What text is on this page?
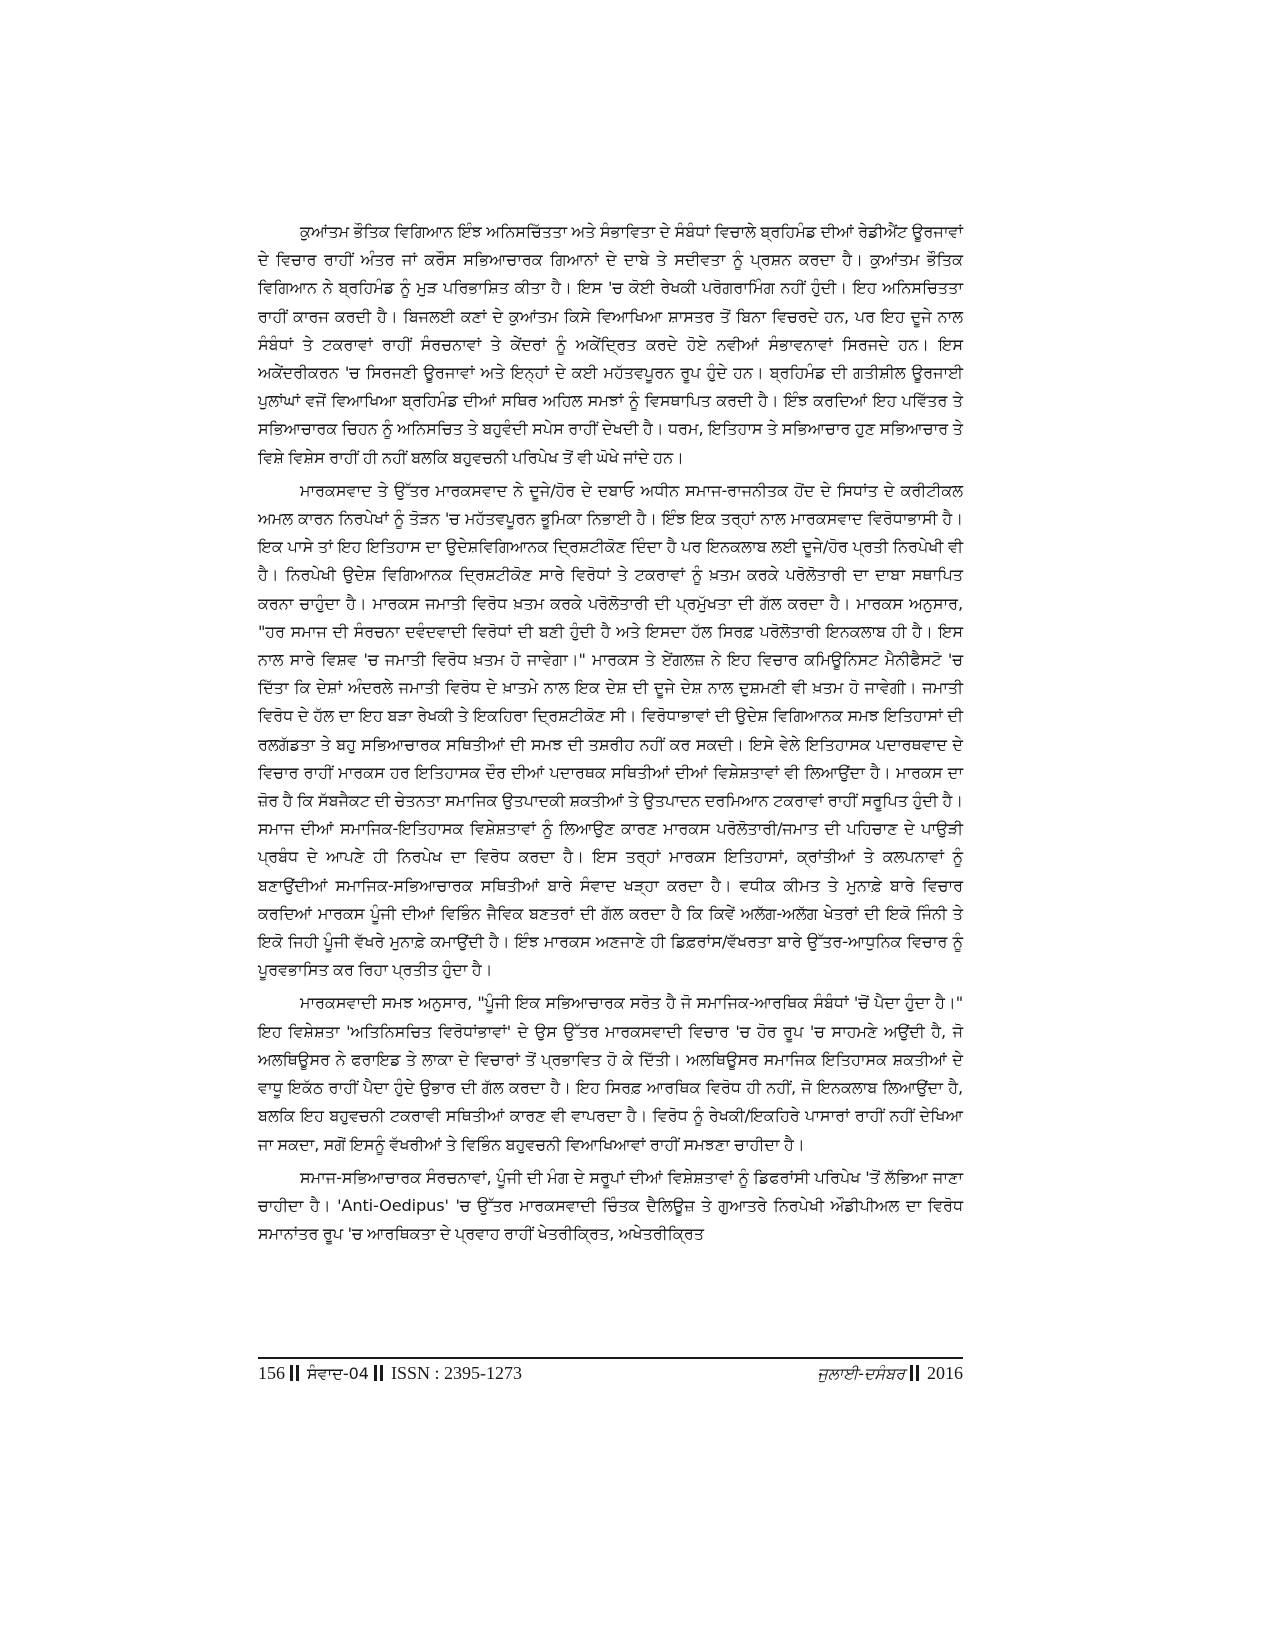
ਕੁਆਂਤਮ ਭੌਤਿਕ ਵਿਗਿਆਨ ਇੰਝ ਅਨਿਸਚਿੱਤਤਾ ਅਤੇ ਸੰਭਾਵਿਤਾ ਦੇ ਸੰਬੰਧਾਂ ਵਿਚਾਲੇ ਬ੍ਰਹਿਮੰਡ ਦੀਆਂ ਰੇਡੀਐਂਟ ਊਰਜਾਵਾਂ ਦੇ ਵਿਚਾਰ ਰਾਹੀਂ ਅੰਤਰ ਜਾਂ ਕਰੌਸ ਸਭਿਆਚਾਰਕ ਗਿਆਨਾਂ ਦੇ ਦਾਬੇ ਤੇ ਸਦੀਵਤਾ ਨੂੰ ਪ੍ਰਸ਼ਨ ਕਰਦਾ ਹੈ। ਕੁਆਂਤਮ ਭੌਤਿਕ ਵਿਗਿਆਨ ਨੇ ਬ੍ਰਹਿਮੰਡ ਨੂੰ ਮੁੜ ਪਰਿਭਾਸ਼ਿਤ ਕੀਤਾ ਹੈ। ਇਸ 'ਚ ਕੋਈ ਰੇਖਕੀ ਪਰੋਗਰਾਮਿੰਗ ਨਹੀਂ ਹੁੰਦੀ। ਇਹ ਅਨਿਸਚਿਤਤਾ ਰਾਹੀਂ ਕਾਰਜ ਕਰਦੀ ਹੈ। ਬਿਜਲਈ ਕਣਾਂ ਦੇ ਕੁਆਂਤਮ ਕਿਸੇ ਵਿਆਖਿਆ ਸ਼ਾਸਤਰ ਤੋਂ ਬਿਨਾ ਵਿਚਰਦੇ ਹਨ, ਪਰ ਇਹ ਦੂਜੇ ਨਾਲ ਸੰਬੰਧਾਂ ਤੇ ਟਕਰਾਵਾਂ ਰਾਹੀਂ ਸੰਰਚਨਾਵਾਂ ਤੇ ਕੇਂਦਰਾਂ ਨੂੰ ਅਕੇਂਦ੍ਰਿਤ ਕਰਦੇ ਹੋਏ ਨਵੀਆਂ ਸੰਭਾਵਨਾਵਾਂ ਸਿਰਜਦੇ ਹਨ। ਇਸ ਅਕੇਂਦਰੀਕਰਨ 'ਚ ਸਿਰਜਣੀ ਊਰਜਾਵਾਂ ਅਤੇ ਇਨ੍ਹਾਂ ਦੇ ਕਈ ਮਹੱਤਵਪੂਰਨ ਰੂਪ ਹੁੰਦੇ ਹਨ। ਬ੍ਰਹਿਮੰਡ ਦੀ ਗਤੀਸ਼ੀਲ ਊਰਜਾਈ ਪੁਲਾਂਘਾਂ ਵਜੋਂ ਵਿਆਖਿਆ ਬ੍ਰਹਿਮੰਡ ਦੀਆਂ ਸਥਿਰ ਅਹਿਲ ਸਮਝਾਂ ਨੂੰ ਵਿਸਥਾਪਿਤ ਕਰਦੀ ਹੈ। ਇੰਝ ਕਰਦਿਆਂ ਇਹ ਪਵਿੱਤਰ ਤੇ ਸਭਿਆਚਾਰਕ ਚਿਹਨ ਨੂੰ ਅਨਿਸਚਿਤ ਤੇ ਬਹੁਵੰਦੀ ਸਪੇਸ ਰਾਹੀਂ ਦੇਖਦੀ ਹੈ। ਧਰਮ, ਇਤਿਹਾਸ ਤੇ ਸਭਿਆਚਾਰ ਹੁਣ ਸਭਿਆਚਾਰ ਤੇ ਵਿਸ਼ੇ ਵਿਸ਼ੇਸ ਰਾਹੀਂ ਹੀ ਨਹੀਂ ਬਲਕਿ ਬਹੁਵਚਨੀ ਪਰਿਪੇਖ ਤੋਂ ਵੀ ਘੋਖੇ ਜਾਂਦੇ ਹਨ।

ਮਾਰਕਸਵਾਦ ਤੇ ਉੱਤਰ ਮਾਰਕਸਵਾਦ ਨੇ ਦੂਜੇ/ਹੋਰ ਦੇ ਦਬਾਓ ਅਧੀਨ ਸਮਾਜ-ਰਾਜਨੀਤਕ ਹੋਂਦ ਦੇ ਸਿਧਾਂਤ ਦੇ ਕਰੀਟੀਕਲ ਅਮਲ ਕਾਰਨ ਨਿਰਪੇਖਾਂ ਨੂੰ ਤੋੜਨ 'ਚ ਮਹੱਤਵਪੂਰਨ ਭੂਮਿਕਾ ਨਿਭਾਈ ਹੈ। ਇੰਝ ਇਕ ਤਰ੍ਹਾਂ ਨਾਲ ਮਾਰਕਸਵਾਦ ਵਿਰੋਧਾਭਾਸੀ ਹੈ। ਇਕ ਪਾਸੇ ਤਾਂ ਇਹ ਇਤਿਹਾਸ ਦਾ ਉਦੇਸ਼ਵਿਗਿਆਨਕ ਦ੍ਰਿਸ਼ਟੀਕੋਣ ਦਿੰਦਾ ਹੈ ਪਰ ਇਨਕਲਾਬ ਲਈ ਦੂਜੇ/ਹੋਰ ਪ੍ਰਤੀ ਨਿਰਪੇਖੀ ਵੀ ਹੈ। ਨਿਰਪੇਖੀ ਉਦੇਸ਼ ਵਿਗਿਆਨਕ ਦ੍ਰਿਸ਼ਟੀਕੋਣ ਸਾਰੇ ਵਿਰੋਧਾਂ ਤੇ ਟਕਰਾਵਾਂ ਨੂੰ ਖ਼ਤਮ ਕਰਕੇ ਪਰੋਲੋਤਾਰੀ ਦਾ ਦਾਬਾ ਸਥਾਪਿਤ ਕਰਨਾ ਚਾਹੁੰਦਾ ਹੈ। ਮਾਰਕਸ ਜਮਾਤੀ ਵਿਰੋਧ ਖ਼ਤਮ ਕਰਕੇ ਪਰੋਲੋਤਾਰੀ ਦੀ ਪ੍ਰਮੁੱਖਤਾ ਦੀ ਗੱਲ ਕਰਦਾ ਹੈ। ਮਾਰਕਸ ਅਨੁਸਾਰ, "ਹਰ ਸਮਾਜ ਦੀ ਸੰਰਚਨਾ ਦਵੰਦਵਾਦੀ ਵਿਰੋਧਾਂ ਦੀ ਬਣੀ ਹੁੰਦੀ ਹੈ ਅਤੇ ਇਸਦਾ ਹੱਲ ਸਿਰਫ਼ ਪਰੋਲੋਤਾਰੀ ਇਨਕਲਾਬ ਹੀ ਹੈ। ਇਸ ਨਾਲ ਸਾਰੇ ਵਿਸ਼ਵ 'ਚ ਜਮਾਤੀ ਵਿਰੋਧ ਖ਼ਤਮ ਹੋ ਜਾਵੇਗਾ।" ਮਾਰਕਸ ਤੇ ਏਂਗਲਜ਼ ਨੇ ਇਹ ਵਿਚਾਰ ਕਮਿਊਨਿਸਟ ਮੈਨੀਫੈਸਟੋ 'ਚ ਦਿੱਤਾ ਕਿ ਦੇਸ਼ਾਂ ਅੰਦਰਲੇ ਜਮਾਤੀ ਵਿਰੋਧ ਦੇ ਖ਼ਾਤਮੇ ਨਾਲ ਇਕ ਦੇਸ਼ ਦੀ ਦੂਜੇ ਦੇਸ਼ ਨਾਲ ਦੁਸ਼ਮਣੀ ਵੀ ਖ਼ਤਮ ਹੋ ਜਾਵੇਗੀ। ਜਮਾਤੀ ਵਿਰੋਧ ਦੇ ਹੱਲ ਦਾ ਇਹ ਬੜਾ ਰੇਖਕੀ ਤੇ ਇਕਹਿਰਾ ਦ੍ਰਿਸ਼ਟੀਕੋਣ ਸੀ। ਵਿਰੋਧਾਭਾਵਾਂ ਦੀ ਉਦੇਸ਼ ਵਿਗਿਆਨਕ ਸਮਝ ਇਤਿਹਾਸਾਂ ਦੀ ਰਲਗੱਡਤਾ ਤੇ ਬਹੁ ਸਭਿਆਚਾਰਕ ਸਥਿਤੀਆਂ ਦੀ ਸਮਝ ਦੀ ਤਸ਼ਰੀਹ ਨਹੀਂ ਕਰ ਸਕਦੀ। ਇਸੇ ਵੇਲੇ ਇਤਿਹਾਸਕ ਪਦਾਰਥਵਾਦ ਦੇ ਵਿਚਾਰ ਰਾਹੀਂ ਮਾਰਕਸ ਹਰ ਇਤਿਹਾਸਕ ਦੌਰ ਦੀਆਂ ਪਦਾਰਥਕ ਸਥਿਤੀਆਂ ਦੀਆਂ ਵਿਸ਼ੇਸ਼ਤਾਵਾਂ ਵੀ ਲਿਆਉਂਦਾ ਹੈ। ਮਾਰਕਸ ਦਾ ਜ਼ੋਰ ਹੈ ਕਿ ਸੱਬਜੈਕਟ ਦੀ ਚੇਤਨਤਾ ਸਮਾਜਿਕ ਉਤਪਾਦਕੀ ਸ਼ਕਤੀਆਂ ਤੇ ਉਤਪਾਦਨ ਦਰਮਿਆਨ ਟਕਰਾਵਾਂ ਰਾਹੀਂ ਸਰੂਪਿਤ ਹੁੰਦੀ ਹੈ। ਸਮਾਜ ਦੀਆਂ ਸਮਾਜਿਕ-ਇਤਿਹਾਸਕ ਵਿਸ਼ੇਸ਼ਤਾਵਾਂ ਨੂੰ ਲਿਆਉਣ ਕਾਰਣ ਮਾਰਕਸ ਪਰੋਲੋਤਾਰੀ/ਜਮਾਤ ਦੀ ਪਹਿਚਾਣ ਦੇ ਪਾਉੜੀ ਪ੍ਰਬੰਧ ਦੇ ਆਪਣੇ ਹੀ ਨਿਰਪੇਖ ਦਾ ਵਿਰੋਧ ਕਰਦਾ ਹੈ। ਇਸ ਤਰ੍ਹਾਂ ਮਾਰਕਸ ਇਤਿਹਾਸਾਂ, ਕ੍ਰਾਂਤੀਆਂ ਤੇ ਕਲਪਨਾਵਾਂ ਨੂੰ ਬਣਾਉਂਦੀਆਂ ਸਮਾਜਿਕ-ਸਭਿਆਚਾਰਕ ਸਥਿਤੀਆਂ ਬਾਰੇ ਸੰਵਾਦ ਖੜ੍ਹਾ ਕਰਦਾ ਹੈ। ਵਧੀਕ ਕੀਮਤ ਤੇ ਮੁਨਾਫ਼ੇ ਬਾਰੇ ਵਿਚਾਰ ਕਰਦਿਆਂ ਮਾਰਕਸ ਪੂੰਜੀ ਦੀਆਂ ਵਿਭਿੰਨ ਜੈਵਿਕ ਬਣਤਰਾਂ ਦੀ ਗੱਲ ਕਰਦਾ ਹੈ ਕਿ ਕਿਵੇਂ ਅਲੱਗ-ਅਲੱਗ ਖੇਤਰਾਂ ਦੀ ਇਕੋ ਜਿੰਨੀ ਤੇ ਇਕੋ ਜਿਹੀ ਪੂੰਜੀ ਵੱਖਰੇ ਮੁਨਾਫ਼ੇ ਕਮਾਉਂਦੀ ਹੈ। ਇੰਝ ਮਾਰਕਸ ਅਣਜਾਣੇ ਹੀ ਡਿਫ਼ਰਾਂਸ/ਵੱਖਰਤਾ ਬਾਰੇ ਉੱਤਰ-ਆਧੁਨਿਕ ਵਿਚਾਰ ਨੂੰ ਪੂਰਵਭਾਸਿਤ ਕਰ ਰਿਹਾ ਪ੍ਰਤੀਤ ਹੁੰਦਾ ਹੈ।

ਮਾਰਕਸਵਾਦੀ ਸਮਝ ਅਨੁਸਾਰ, "ਪੂੰਜੀ ਇਕ ਸਭਿਆਚਾਰਕ ਸਰੋਤ ਹੈ ਜੋ ਸਮਾਜਿਕ-ਆਰਥਿਕ ਸੰਬੰਧਾਂ 'ਚੋਂ ਪੈਦਾ ਹੁੰਦਾ ਹੈ।" ਇਹ ਵਿਸ਼ੇਸ਼ਤਾ 'ਅਤਿਨਿਸਚਿਤ ਵਿਰੋਧਾਂਭਾਵਾਂ' ਦੇ ਉਸ ਉੱਤਰ ਮਾਰਕਸਵਾਦੀ ਵਿਚਾਰ 'ਚ ਹੋਰ ਰੂਪ 'ਚ ਸਾਹਮਣੇ ਅਉਂਦੀ ਹੈ, ਜੋ ਅਲਥਿਊਸਰ ਨੇ ਫਰਾਇਡ ਤੇ ਲਾਕਾ ਦੇ ਵਿਚਾਰਾਂ ਤੋਂ ਪ੍ਰਭਾਵਿਤ ਹੋ ਕੇ ਦਿੱਤੀ। ਅਲਥਿਊਸਰ ਸਮਾਜਿਕ ਇਤਿਹਾਸਕ ਸ਼ਕਤੀਆਂ ਦੇ ਵਾਧੂ ਇਕੱਠ ਰਾਹੀਂ ਪੈਦਾ ਹੁੰਦੇ ਉਭਾਰ ਦੀ ਗੱਲ ਕਰਦਾ ਹੈ। ਇਹ ਸਿਰਫ਼ ਆਰਥਿਕ ਵਿਰੋਧ ਹੀ ਨਹੀਂ, ਜੋ ਇਨਕਲਾਬ ਲਿਆਉਂਦਾ ਹੈ, ਬਲਕਿ ਇਹ ਬਹੁਵਚਨੀ ਟਕਰਾਵੀ ਸਥਿਤੀਆਂ ਕਾਰਣ ਵੀ ਵਾਪਰਦਾ ਹੈ। ਵਿਰੋਧ ਨੂੰ ਰੇਖਕੀ/ਇਕਹਿਰੇ ਪਾਸਾਰਾਂ ਰਾਹੀਂ ਨਹੀਂ ਦੇਖਿਆ ਜਾ ਸਕਦਾ, ਸਗੋਂ ਇਸਨੂੰ ਵੱਖਰੀਆਂ ਤੇ ਵਿਭਿੰਨ ਬਹੁਵਚਨੀ ਵਿਆਖਿਆਵਾਂ ਰਾਹੀਂ ਸਮਝਣਾ ਚਾਹੀਦਾ ਹੈ।

ਸਮਾਜ-ਸਭਿਆਚਾਰਕ ਸੰਰਚਨਾਵਾਂ, ਪੂੰਜੀ ਦੀ ਮੰਗ ਦੇ ਸਰੂਪਾਂ ਦੀਆਂ ਵਿਸ਼ੇਸ਼ਤਾਵਾਂ ਨੂੰ ਡਿਫਰਾਂਸੀ ਪਰਿਪੇਖ 'ਤੋਂ ਲੱਭਿਆ ਜਾਣਾ ਚਾਹੀਦਾ ਹੈ। 'Anti-Oedipus' 'ਚ ਉੱਤਰ ਮਾਰਕਸਵਾਦੀ ਚਿੰਤਕ ਦੈਲਿਊਜ਼ ਤੇ ਗੁਆਤਰੇ ਨਿਰਪੇਖੀ ਔਡੀਪੀਅਲ ਦਾ ਵਿਰੋਧ ਸਮਾਨਾਂਤਰ ਰੂਪ 'ਚ ਆਰਥਿਕਤਾ ਦੇ ਪ੍ਰਵਾਹ ਰਾਹੀਂ ਖੇਤਰੀਕ੍ਰਿਤ, ਅਖੇਤਰੀਕ੍ਰਿਤ

156 ਸੰਵਾਦ-04 ISSN : 2395-1273	ਜੁਲਾਈ-ਦਸੰਬਰ 2016
